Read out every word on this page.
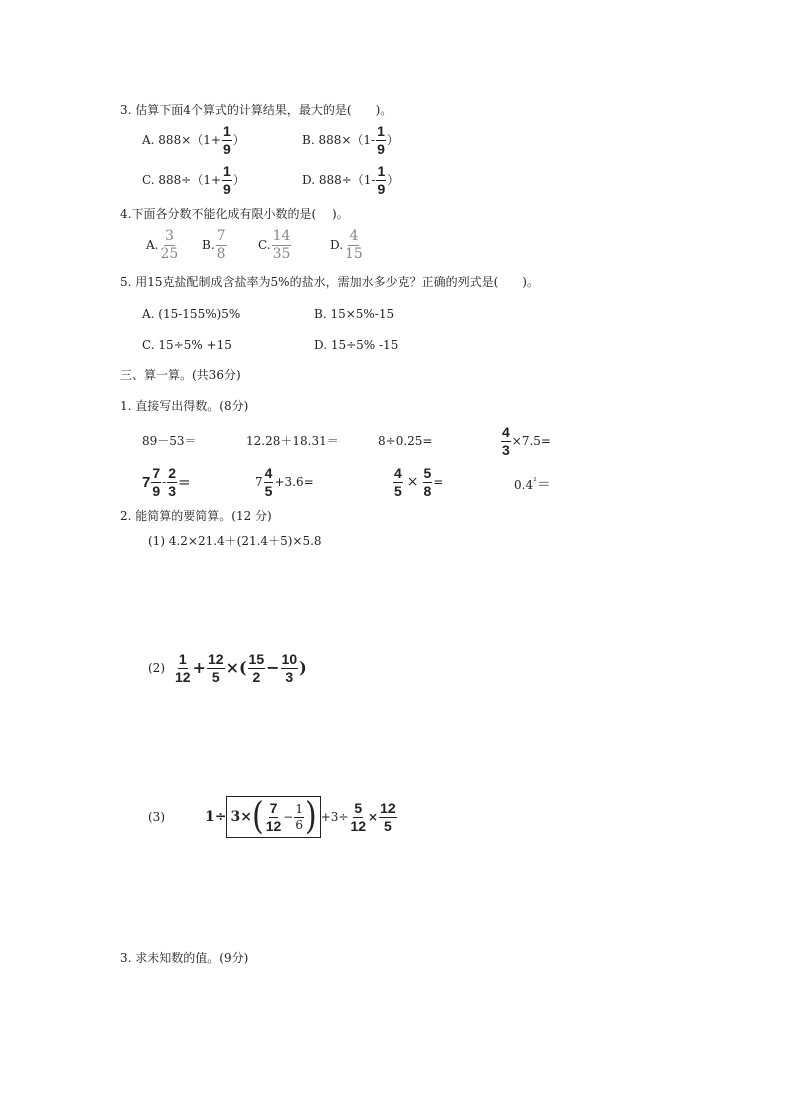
3. 估算下面4个算式的计算结果，最大的是(　　)。
A. $888\times(1+ \frac{1}{9}$ ）	B. $888\times(1- \frac{1}{9}$ ）
C. $888\div(1+ \frac{1}{9}$ ）	D. $888\div(1- \frac{1}{9}$ ）
4.下面各分数不能化成有限小数的是(　 )。
A. $\frac{3}{25} B$. $\frac{7}{8}$	C. $\frac{14}{35}$	D. $\frac{4}{15}$
5. 用15克盐配制成含盐率为5%的盐水，需加水多少克？正确的列式是(　　)。
A. (15-155%)5%	B. 15×5%-15
C. 15÷5% +15	D. 15÷5% -15
三、算一算。(共36分)
1. 直接写出得数。(8分)
89－53＝	12.28＋18.31＝	8÷0.25=	$\frac{4}{3} \times 7.5=$
$7 \frac{7}{9} - \frac{2}{3}$ =	$7 \frac{4}{5} +3.6=$	$\frac{4}{5} \times \frac{5}{8}$ =	$0.4^{^2}=$
2. 能简算的要简算。(12 分)
(1) 4.2×21.4＋(21.4＋5)×5.8
$(2) \frac{1}{12} + \frac{12}{5}$ ×( $\frac{15}{2} - \frac{10}{3}$ )
(3)	1÷ 3× ( $\frac{7}{12} - \frac{1}{6}$ ) $+3\div \frac{5}{12} \times \frac{12}{5}$
3. 求未知数的值。(9分)
